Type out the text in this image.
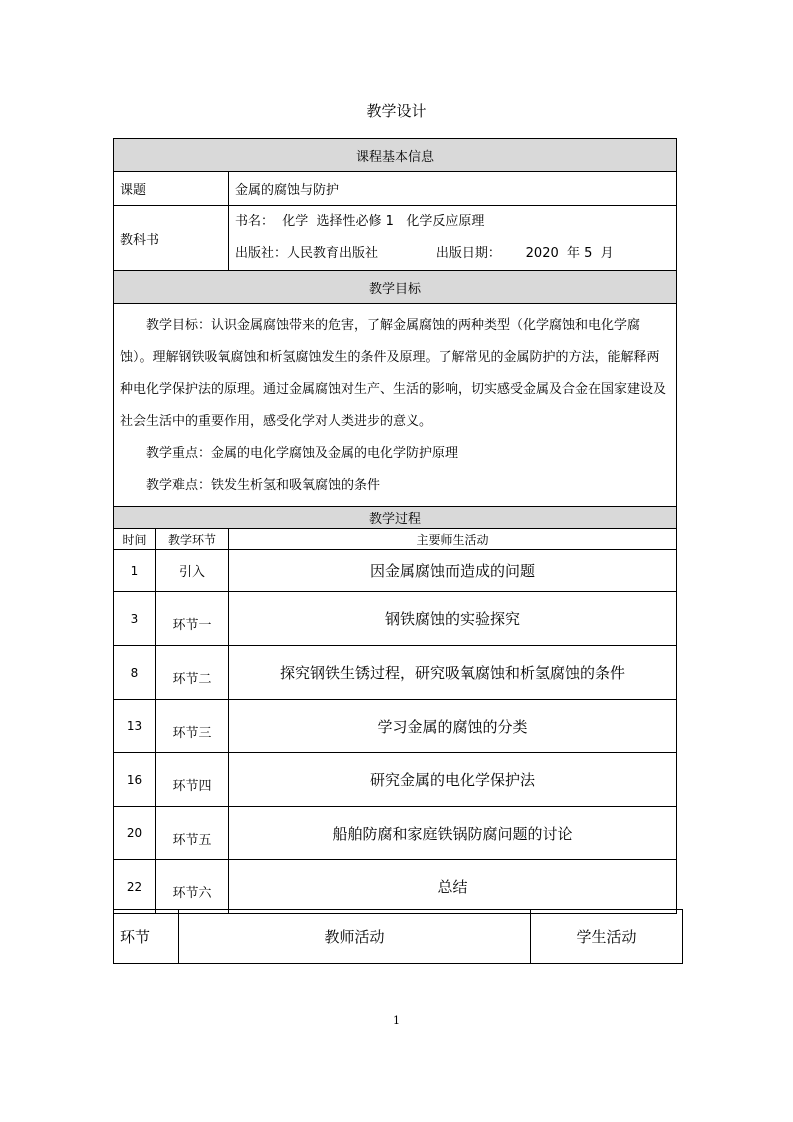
教学设计
课程基本信息		
课题		金属的腐蚀与防护
教科书		书名：  化学  选择性必修 1   化学反应原理
出版社：人民教育出版社              出版日期：      2020  年 5  月

教学目标		

教学目标：认识金属腐蚀带来的危害，了解金属腐蚀的两种类型（化学腐蚀和电化学腐蚀）。理解钢铁吸氧腐蚀和析氢腐蚀发生的条件及原理。了解常见的金属防护的方法，能解释两种电化学保护法的原理。通过金属腐蚀对生产、生活的影响，切实感受金属及合金在国家建设及社会生活中的重要作用，感受化学对人类进步的意义。

教学重点：金属的电化学腐蚀及金属的电化学防护原理

教学难点：铁发生析氢和吸氧腐蚀的条件		

教学过程		
时间	教学环节	主要师生活动
1	引入	因金属腐蚀而造成的问题
3	环节一	钢铁腐蚀的实验探究
8	环节二	探究钢铁生锈过程，研究吸氧腐蚀和析氢腐蚀的条件
13	环节三	学习金属的腐蚀的分类
16	环节四	研究金属的电化学保护法
20	环节五	船舶防腐和家庭铁锅防腐问题的讨论
22	环节六	总结
环节	教师活动	学生活动
1
